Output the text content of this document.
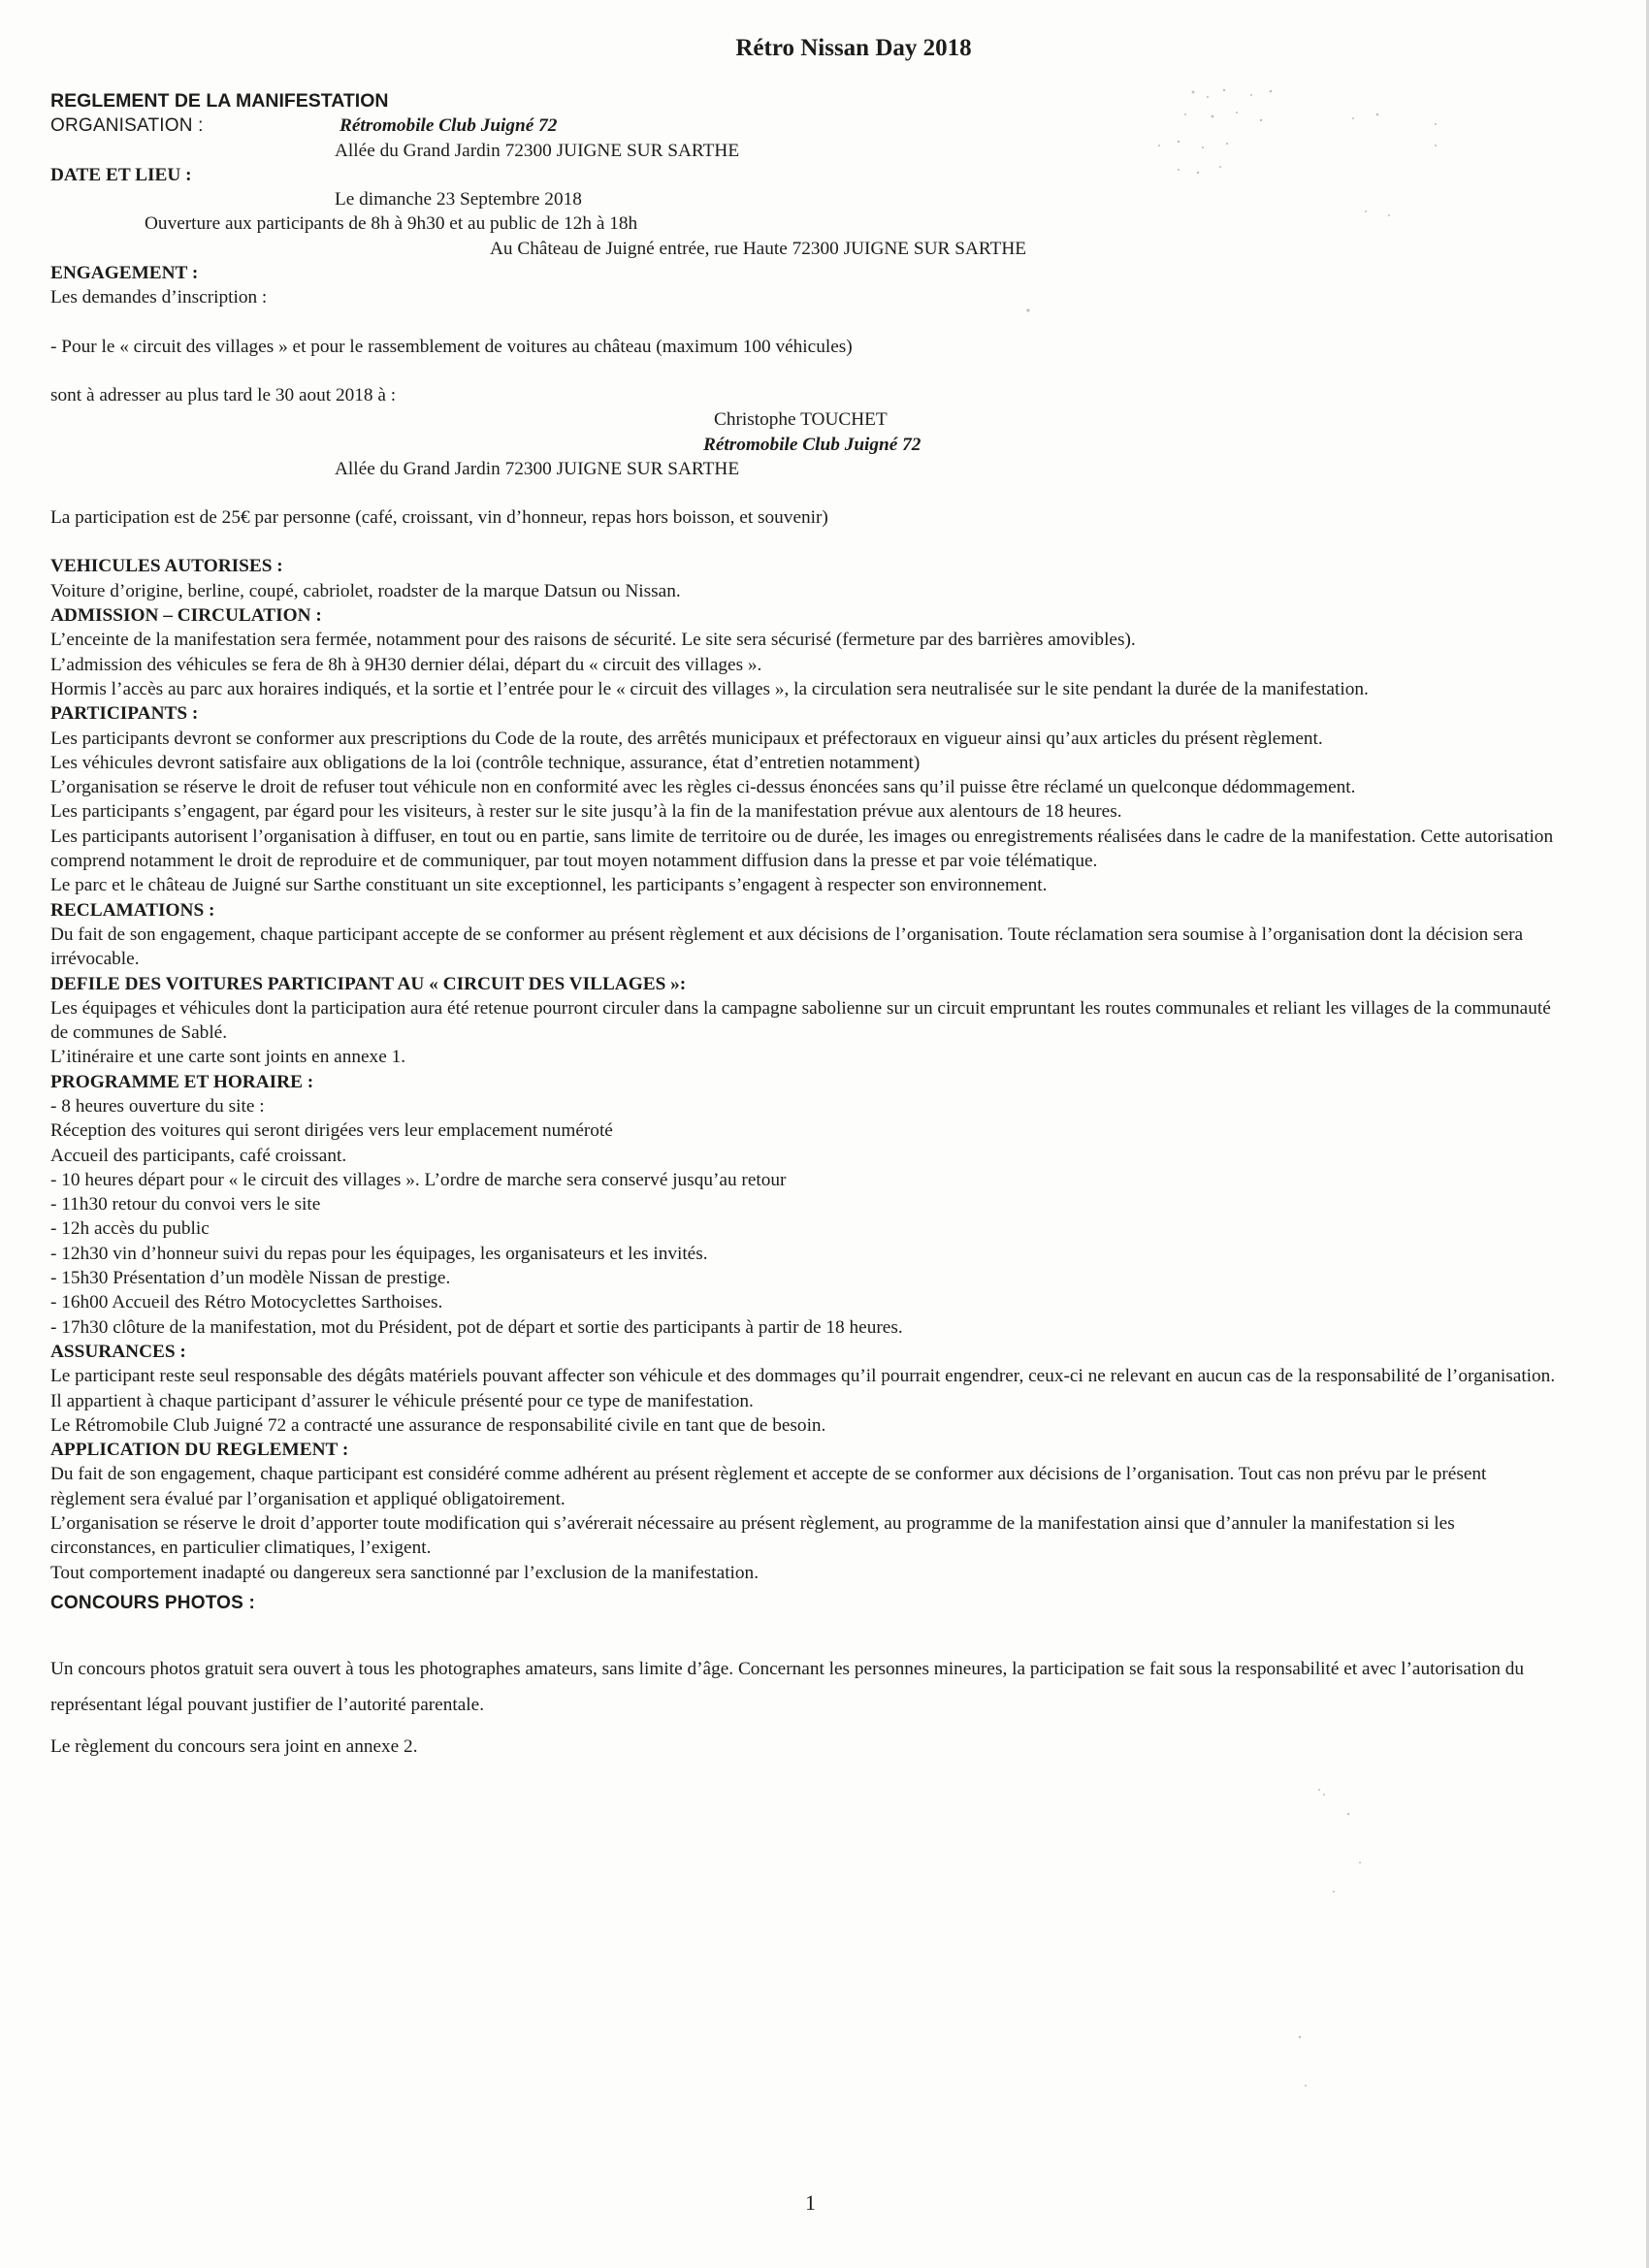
Rétro Nissan Day 2018

REGLEMENT DE LA MANIFESTATION

ORGANISATION :	Rétromobile Club Juigné 72

Allée du Grand Jardin 72300 JUIGNE SUR SARTHE

DATE ET LIEU :

Le dimanche 23 Septembre 2018

Ouverture aux participants de 8h à 9h30 et au public de 12h à 18h

Au Château de Juigné entrée, rue Haute 72300 JUIGNE SUR SARTHE

ENGAGEMENT :

Les demandes d’inscription :

- Pour le « circuit des villages » et pour le rassemblement de voitures au château (maximum 100 véhicules)

sont à adresser au plus tard le 30 aout 2018 à :

Christophe TOUCHET

Rétromobile Club Juigné 72

Allée du Grand Jardin 72300 JUIGNE SUR SARTHE

La participation est de 25€ par personne (café, croissant, vin d’honneur, repas hors boisson, et souvenir)

VEHICULES AUTORISES :

Voiture d’origine, berline, coupé, cabriolet, roadster de la marque Datsun ou Nissan.

ADMISSION – CIRCULATION :

L’enceinte de la manifestation sera fermée, notamment pour des raisons de sécurité. Le site sera sécurisé (fermeture par des barrières amovibles).

L’admission des véhicules se fera de 8h à 9H30 dernier délai, départ du « circuit des villages ».

Hormis l’accès au parc aux horaires indiqués, et la sortie et l’entrée pour le « circuit des villages », la circulation sera neutralisée sur le site pendant la durée de la manifestation.

PARTICIPANTS :

Les participants devront se conformer aux prescriptions du Code de la route, des arrêtés municipaux et préfectoraux en vigueur ainsi qu’aux articles du présent règlement.

Les véhicules devront satisfaire aux obligations de la loi (contrôle technique, assurance, état d’entretien notamment)

L’organisation se réserve le droit de refuser tout véhicule non en conformité avec les règles ci-dessus énoncées sans qu’il puisse être réclamé un quelconque dédommagement.

Les participants s’engagent, par égard pour les visiteurs, à rester sur le site jusqu’à la fin de la manifestation prévue aux alentours de 18 heures.

Les participants autorisent l’organisation à diffuser, en tout ou en partie, sans limite de territoire ou de durée, les images ou enregistrements réalisées dans le cadre de la manifestation. Cette autorisation comprend notamment le droit de reproduire et de communiquer, par tout moyen notamment diffusion dans la presse et par voie télématique.

Le parc et le château de Juigné sur Sarthe constituant un site exceptionnel, les participants s’engagent à respecter son environnement.

RECLAMATIONS :

Du fait de son engagement, chaque participant accepte de se conformer au présent règlement et aux décisions de l’organisation. Toute réclamation sera soumise à l’organisation dont la décision sera irrévocable.

DEFILE DES VOITURES PARTICIPANT AU « CIRCUIT DES VILLAGES »:

Les équipages et véhicules dont la participation aura été retenue pourront circuler dans la campagne sabolienne sur un circuit empruntant les routes communales et reliant les villages de la communauté de communes de Sablé.

L’itinéraire et une carte sont joints en annexe 1.

PROGRAMME ET HORAIRE :

- 8 heures ouverture du site :

Réception des voitures qui seront dirigées vers leur emplacement numéroté

Accueil des participants, café croissant.

- 10 heures départ pour « le circuit des villages ». L’ordre de marche sera conservé jusqu’au retour

- 11h30 retour du convoi vers le site

- 12h accès du public

- 12h30 vin d’honneur suivi du repas pour les équipages, les organisateurs et les invités.

- 15h30 Présentation d’un modèle Nissan de prestige.

- 16h00 Accueil des Rétro Motocyclettes Sarthoises.

- 17h30 clôture de la manifestation, mot du Président, pot de départ et sortie des participants à partir de 18 heures.

ASSURANCES :

Le participant reste seul responsable des dégâts matériels pouvant affecter son véhicule et des dommages qu’il pourrait engendrer, ceux-ci ne relevant en aucun cas de la responsabilité de l’organisation. Il appartient à chaque participant d’assurer le véhicule présenté pour ce type de manifestation.

Le Rétromobile Club Juigné 72 a contracté une assurance de responsabilité civile en tant que de besoin.

APPLICATION DU REGLEMENT :

Du fait de son engagement, chaque participant est considéré comme adhérent au présent règlement et accepte de se conformer aux décisions de l’organisation. Tout cas non prévu par le présent règlement sera évalué par l’organisation et appliqué obligatoirement.

L’organisation se réserve le droit d’apporter toute modification qui s’avérerait nécessaire au présent règlement, au programme de la manifestation ainsi que d’annuler la manifestation si les circonstances, en particulier climatiques, l’exigent.

Tout comportement inadapté ou dangereux sera sanctionné par l’exclusion de la manifestation.

CONCOURS PHOTOS :

Un concours photos gratuit sera ouvert à tous les photographes amateurs, sans limite d’âge. Concernant les personnes mineures, la participation se fait sous la responsabilité et avec l’autorisation du représentant légal pouvant justifier de l’autorité parentale.

Le règlement du concours sera joint en annexe 2.

1
